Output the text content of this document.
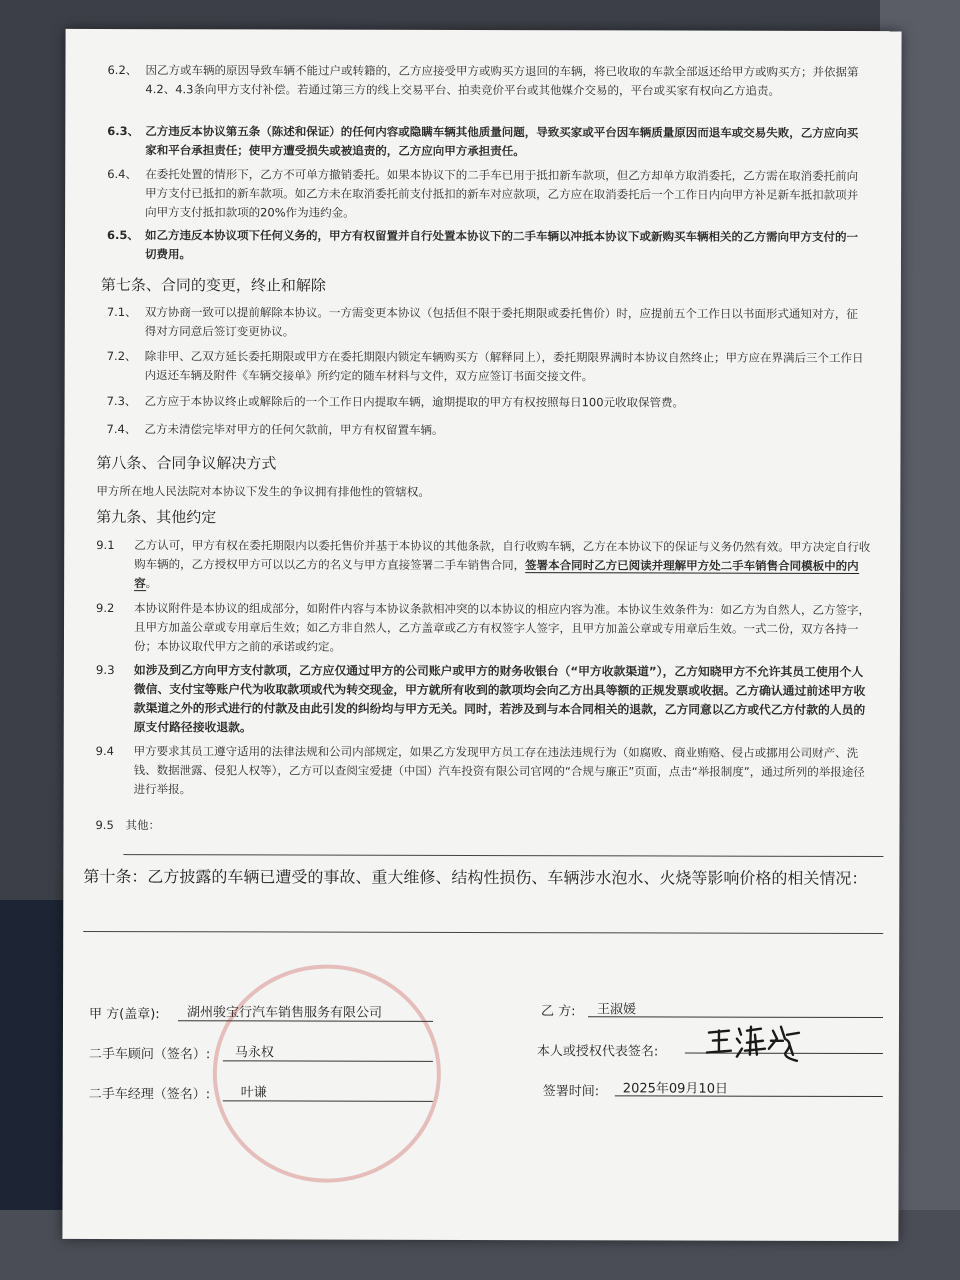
6.2、 因乙方或车辆的原因导致车辆不能过户或转籍的，乙方应接受甲方或购买方退回的车辆，将已收取的车款全部返还给甲方或购买方；并依据第4.2、4.3条向甲方支付补偿。若通过第三方的线上交易平台、拍卖竞价平台或其他媒介交易的，平台或买家有权向乙方追责。
6.3、 乙方违反本协议第五条（陈述和保证）的任何内容或隐瞒车辆其他质量问题，导致买家或平台因车辆质量原因而退车或交易失败，乙方应向买家和平台承担责任；使甲方遭受损失或被追责的，乙方应向甲方承担责任。
6.4、 在委托处置的情形下，乙方不可单方撤销委托。如果本协议下的二手车已用于抵扣新车款项，但乙方却单方取消委托，乙方需在取消委托前向甲方支付已抵扣的新车款项。如乙方未在取消委托前支付抵扣的新车对应款项，乙方应在取消委托后一个工作日内向甲方补足新车抵扣款项并向甲方支付抵扣款项的20%作为违约金。
6.5、 如乙方违反本协议项下任何义务的，甲方有权留置并自行处置本协议下的二手车辆以冲抵本协议下或新购买车辆相关的乙方需向甲方支付的一切费用。
第七条、合同的变更，终止和解除
7.1、 双方协商一致可以提前解除本协议。一方需变更本协议（包括但不限于委托期限或委托售价）时，应提前五个工作日以书面形式通知对方，征得对方同意后签订变更协议。
7.2、 除非甲、乙双方延长委托期限或甲方在委托期限内锁定车辆购买方（解释同上），委托期限界满时本协议自然终止；甲方应在界满后三个工作日内返还车辆及附件《车辆交接单》所约定的随车材料与文件，双方应签订书面交接文件。
7.3、 乙方应于本协议终止或解除后的一个工作日内提取车辆，逾期提取的甲方有权按照每日100元收取保管费。
7.4、 乙方未清偿完毕对甲方的任何欠款前，甲方有权留置车辆。
第八条、合同争议解决方式
甲方所在地人民法院对本协议下发生的争议拥有排他性的管辖权。
第九条、其他约定
9.1 乙方认可，甲方有权在委托期限内以委托售价并基于本协议的其他条款，自行收购车辆，乙方在本协议下的保证与义务仍然有效。甲方决定自行收购车辆的，乙方授权甲方可以以乙方的名义与甲方直接签署二手车销售合同，签署本合同时乙方已阅读并理解甲方处二手车销售合同模板中的内容。
9.2 本协议附件是本协议的组成部分，如附件内容与本协议条款相冲突的以本协议的相应内容为准。本协议生效条件为：如乙方为自然人，乙方签字，且甲方加盖公章或专用章后生效；如乙方非自然人，乙方盖章或乙方有权签字人签字，且甲方加盖公章或专用章后生效。一式二份，双方各持一份；本协议取代甲方之前的承诺或约定。
9.3 如涉及到乙方向甲方支付款项，乙方应仅通过甲方的公司账户或甲方的财务收银台（“甲方收款渠道”），乙方知晓甲方不允许其员工使用个人微信、支付宝等账户代为收取款项或代为转交现金，甲方就所有收到的款项均会向乙方出具等额的正规发票或收据。乙方确认通过前述甲方收款渠道之外的形式进行的付款及由此引发的纠纷均与甲方无关。同时，若涉及到与本合同相关的退款，乙方同意以乙方或代乙方付款的人员的原支付路径接收退款。
9.4 甲方要求其员工遵守适用的法律法规和公司内部规定，如果乙方发现甲方员工存在违法违规行为（如腐败、商业贿赂、侵占或挪用公司财产、洗钱、数据泄露、侵犯人权等），乙方可以查阅宝爱捷（中国）汽车投资有限公司官网的“合规与廉正”页面，点击“举报制度”，通过所列的举报途径进行举报。
9.5 其他：
第十条：乙方披露的车辆已遭受的事故、重大维修、结构性损伤、车辆涉水泡水、火烧等影响价格的相关情况：
甲 方(盖章): 湖州骏宝行汽车销售服务有限公司
二手车顾问（签名）: 马永权
二手车经理（签名）: 叶谦
乙 方: 王淑媛
本人或授权代表签名:
签署时间: 2025年09月10日
